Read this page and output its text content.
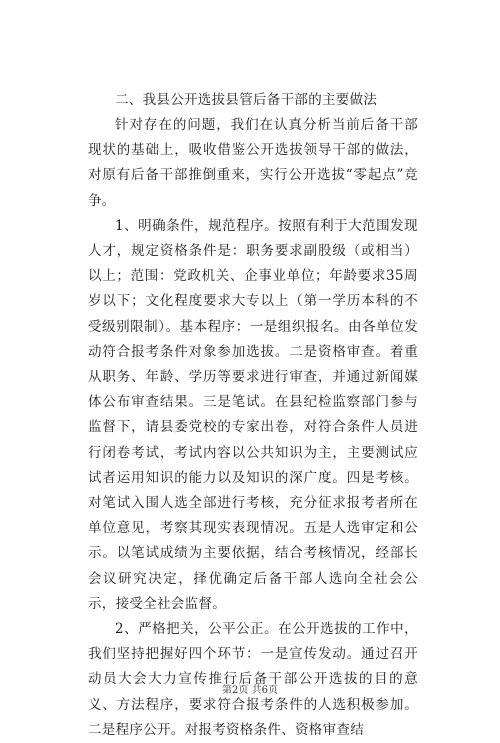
二、我县公开选拔县管后备干部的主要做法

针对存在的问题，我们在认真分析当前后备干部现状的基础上，吸收借鉴公开选拔领导干部的做法，对原有后备干部推倒重来，实行公开选拔“零起点”竞争。

1、明确条件，规范程序。按照有利于大范围发现人才，规定资格条件是：职务要求副股级（或相当）以上；范围：党政机关、企事业单位；年龄要求35周岁以下；文化程度要求大专以上（第一学历本科的不受级别限制）。基本程序：一是组织报名。由各单位发动符合报考条件对象参加选拔。二是资格审查。着重从职务、年龄、学历等要求进行审查，并通过新闻媒体公布审查结果。三是笔试。在县纪检监察部门参与监督下，请县委党校的专家出卷，对符合条件人员进行闭卷考试，考试内容以公共知识为主，主要测试应试者运用知识的能力以及知识的深广度。四是考核。对笔试入围人选全部进行考核，充分征求报考者所在单位意见，考察其现实表现情况。五是人选审定和公示。以笔试成绩为主要依据，结合考核情况，经部长会议研究决定，择优确定后备干部人选向全社会公示，接受全社会监督。

2、严格把关，公平公正。在公开选拔的工作中，我们坚持把握好四个环节：一是宣传发动。通过召开动员大会大力宣传推行后备干部公开选拔的目的意义、方法程序，要求符合报考条件的人选积极参加。二是程序公开。对报考资格条件、资格审查结

第2页 共6页
